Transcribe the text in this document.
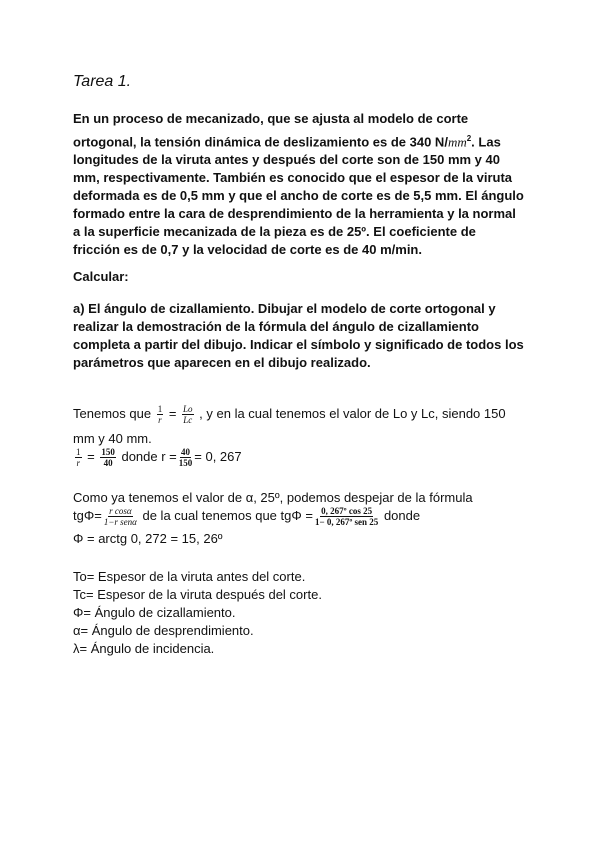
Tarea 1.
En un proceso de mecanizado, que se ajusta al modelo de corte
ortogonal, la tensión dinámica de deslizamiento es de 340 $N/mm^2$. Las
longitudes de la viruta antes y después del corte son de 150 mm y 40
mm, respectivamente. También es conocido que el espesor de la viruta
deformada es de 0,5 mm y que el ancho de corte es de 5,5 mm. El ángulo
formado entre la cara de desprendimiento de la herramienta y la normal
a la superficie mecanizada de la pieza es de 25º. El coeficiente de
fricción es de 0,7 y la velocidad de corte es de 40 m/min.
Calcular:
a) El ángulo de cizallamiento. Dibujar el modelo de corte ortogonal y
realizar la demostración de la fórmula del ángulo de cizallamiento
completa a partir del dibujo. Indicar el símbolo y significado de todos los
parámetros que aparecen en el dibujo realizado.
Tenemos que $\frac{1}{r} = \frac{Lo}{Lc}$ , y en la cual tenemos el valor de Lo y Lc, siendo 150
mm y 40 mm.
$\frac{1}{r} = \frac{150}{40}$ donde $r = \frac{40}{150} = 0$, 267
Como ya tenemos el valor de α, 25º, podemos despejar de la fórmula
$tg\Phi= \frac{\text{r cosα}}{\text{1−r senα}}$ de la cual tenemos que $tg\Phi = \frac{\text{0, 267º cos 25}}{\text{1− 0, 267º sen 25}}$ donde
Φ = arctg 0, 272 = 15, 26º
To= Espesor de la viruta antes del corte.
Tc= Espesor de la viruta después del corte.
Φ= Ángulo de cizallamiento.
α= Ángulo de desprendimiento.
λ= Ángulo de incidencia.
